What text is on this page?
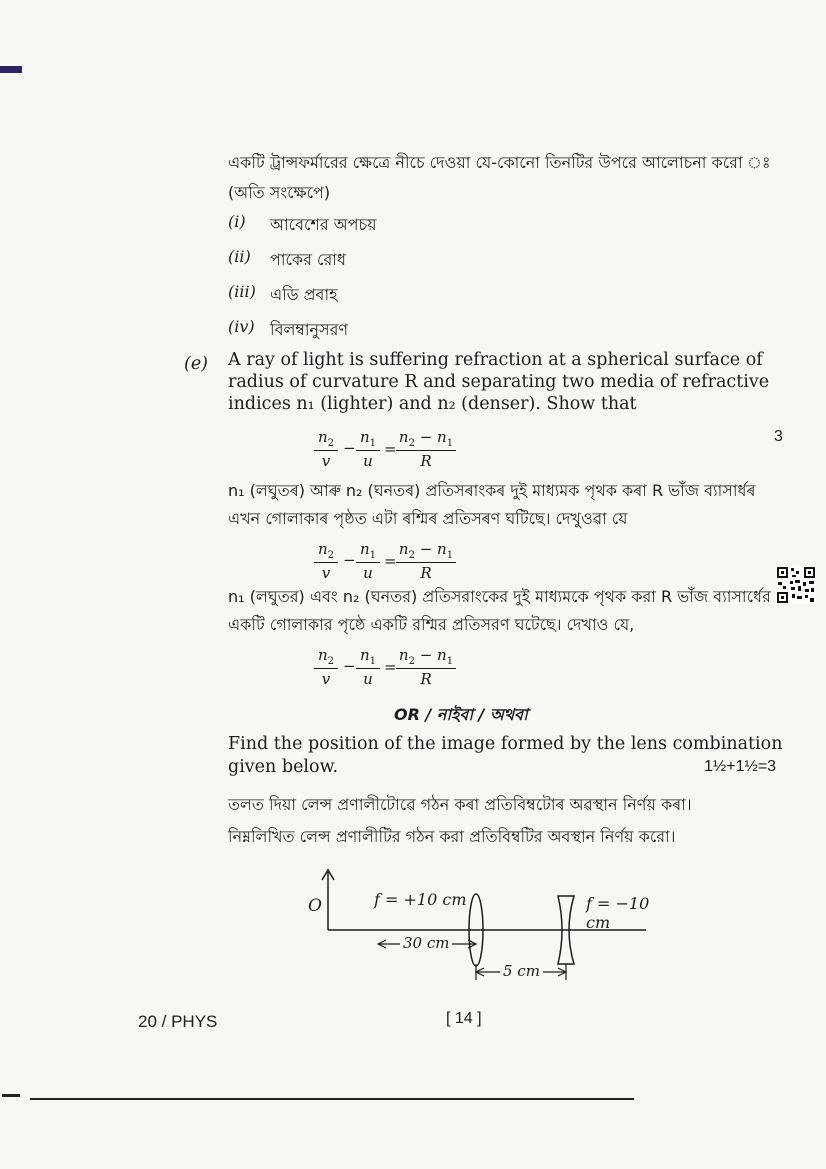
একটি ট্রান্সফর্মারের ক্ষেত্রে নীচে দেওয়া যে-কোনো তিনটির উপরে আলোচনা করো ঃ
(অতি সংক্ষেপে)
(i) আবেশের অপচয়
(ii) পাকের রোধ
(iii) এডি প্রবাহ
(iv) বিলম্বানুসরণ
(e) A ray of light is suffering refraction at a spherical surface of
radius of curvature R and separating two media of refractive
indices n₁ (lighter) and n₂ (denser). Show that
$n_2$
v
−
$n_1$
u
=
$n_2 - n_1$
R
3
n₁ (লঘুতৰ) আৰু n₂ (ঘনতৰ) প্ৰতিসৰাংকৰ দুই মাধ্যমক পৃথক কৰা R ভাঁজ ব্যাসাৰ্ধৰ
এখন গোলাকাৰ পৃষ্ঠত এটা ৰশ্মিৰ প্ৰতিসৰণ ঘটিছে। দেখুওৱা যে
$n_2$
v
−
$n_1$
u
=
$n_2 - n_1$
R
n₁ (লঘুতর) এবং n₂ (ঘনতর) প্রতিসরাংকের দুই মাধ্যমকে পৃথক করা R ভাঁজ ব্যাসার্ধের
একটি গোলাকার পৃষ্ঠে একটি রশ্মির প্রতিসরণ ঘটেছে। দেখাও যে,
$n_2$
v
−
$n_1$
u
=
$n_2 - n_1$
R
OR / নাইবা / অথবা
Find the position of the image formed by the lens combination
given below.	1½+1½=3
তলত দিয়া লেন্স প্ৰণালীটোৱে গঠন কৰা প্ৰতিবিম্বটোৰ অৱস্থান নিৰ্ণয় কৰা।
নিম্নলিখিত লেন্স প্রণালীটির গঠন করা প্রতিবিম্বটির অবস্থান নির্ণয় করো।
O	f = +10 cm	f = −10 cm
30 cm
5 cm
20 / PHYS	[ 14 ]
